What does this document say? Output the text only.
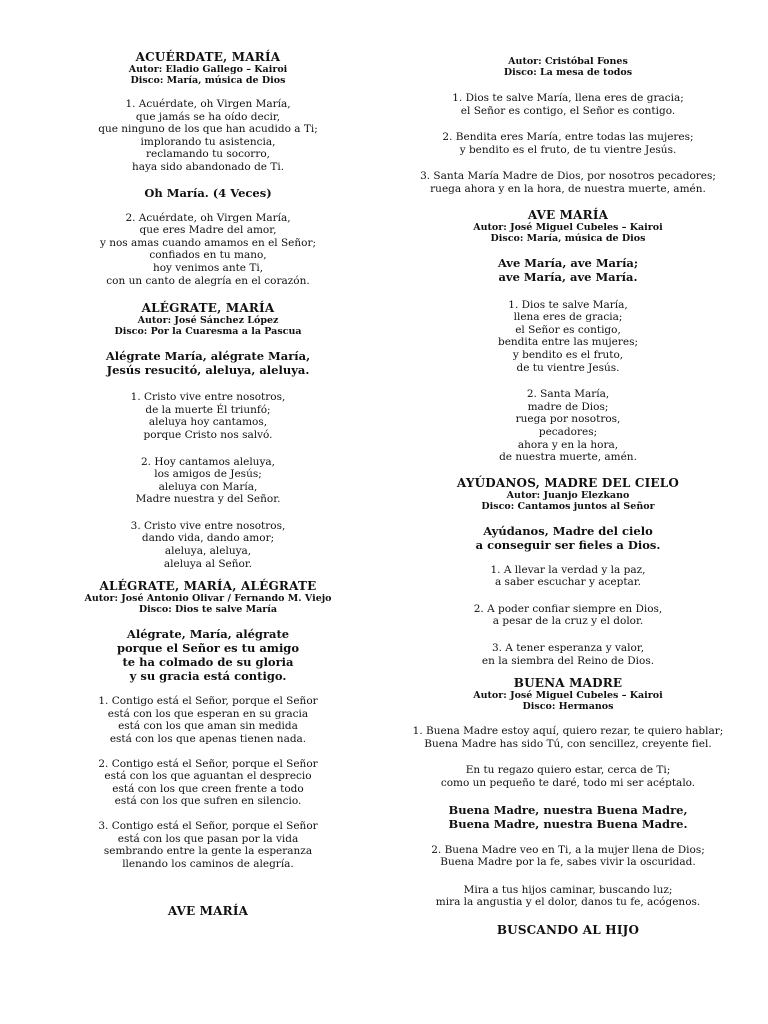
ACUÉRDATE, MARÍA
Autor: Eladio Gallego – Kairoi
Disco: María, música de Dios
1. Acuérdate, oh Virgen María,
que jamás se ha oído decir,
que ninguno de los que han acudido a Ti;
implorando tu asistencia,
reclamando tu socorro,
haya sido abandonado de Ti.
Oh María. (4 Veces)
2. Acuérdate, oh Virgen María,
que eres Madre del amor,
y nos amas cuando amamos en el Señor;
confiados en tu mano,
hoy venimos ante Ti,
con un canto de alegría en el corazón.
ALÉGRATE, MARÍA
Autor: José Sánchez López
Disco: Por la Cuaresma a la Pascua
Alégrate María, alégrate María,
Jesús resucitó, aleluya, aleluya.
1. Cristo vive entre nosotros,
de la muerte Él triunfó;
aleluya hoy cantamos,
porque Cristo nos salvó.
2. Hoy cantamos aleluya,
los amigos de Jesús;
aleluya con María,
Madre nuestra y del Señor.
3. Cristo vive entre nosotros,
dando vida, dando amor;
aleluya, aleluya,
aleluya al Señor.
ALÉGRATE, MARÍA, ALÉGRATE
Autor: José Antonio Olivar / Fernando M. Viejo
Disco: Dios te salve María
Alégrate, María, alégrate
porque el Señor es tu amigo
te ha colmado de su gloria
y su gracia está contigo.
1. Contigo está el Señor, porque el Señor
está con los que esperan en su gracia
está con los que aman sin medida
está con los que apenas tienen nada.
2. Contigo está el Señor, porque el Señor
está con los que aguantan el desprecio
está con los que creen frente a todo
está con los que sufren en silencio.
3. Contigo está el Señor, porque el Señor
está con los que pasan por la vida
sembrando entre la gente la esperanza
llenando los caminos de alegría.
AVE MARÍA
Autor: Cristóbal Fones
Disco: La mesa de todos
1. Dios te salve María, llena eres de gracia;
el Señor es contigo, el Señor es contigo.
2. Bendita eres María, entre todas las mujeres;
y bendito es el fruto, de tu vientre Jesús.
3. Santa María Madre de Dios, por nosotros pecadores;
ruega ahora y en la hora, de nuestra muerte, amén.
AVE MARÍA
Autor: José Miguel Cubeles – Kairoi
Disco: María, música de Dios
Ave María, ave María;
ave María, ave María.
1. Dios te salve María,
llena eres de gracia;
el Señor es contigo,
bendita entre las mujeres;
y bendito es el fruto,
de tu vientre Jesús.
2. Santa María,
madre de Dios;
ruega por nosotros,
pecadores;
ahora y en la hora,
de nuestra muerte, amén.
AYÚDANOS, MADRE DEL CIELO
Autor: Juanjo Elezkano
Disco: Cantamos juntos al Señor
Ayúdanos, Madre del cielo
a conseguir ser fieles a Dios.
1. A llevar la verdad y la paz,
a saber escuchar y aceptar.
2. A poder confiar siempre en Dios,
a pesar de la cruz y el dolor.
3. A tener esperanza y valor,
en la siembra del Reino de Dios.
BUENA MADRE
Autor: José Miguel Cubeles – Kairoi
Disco: Hermanos
1. Buena Madre estoy aquí, quiero rezar, te quiero hablar;
Buena Madre has sido Tú, con sencillez, creyente fiel.
En tu regazo quiero estar, cerca de Ti;
como un pequeño te daré, todo mi ser acéptalo.
Buena Madre, nuestra Buena Madre,
Buena Madre, nuestra Buena Madre.
2. Buena Madre veo en Ti, a la mujer llena de Dios;
Buena Madre por la fe, sabes vivir la oscuridad.
Mira a tus hijos caminar, buscando luz;
mira la angustia y el dolor, danos tu fe, acógenos.
BUSCANDO AL HIJO
